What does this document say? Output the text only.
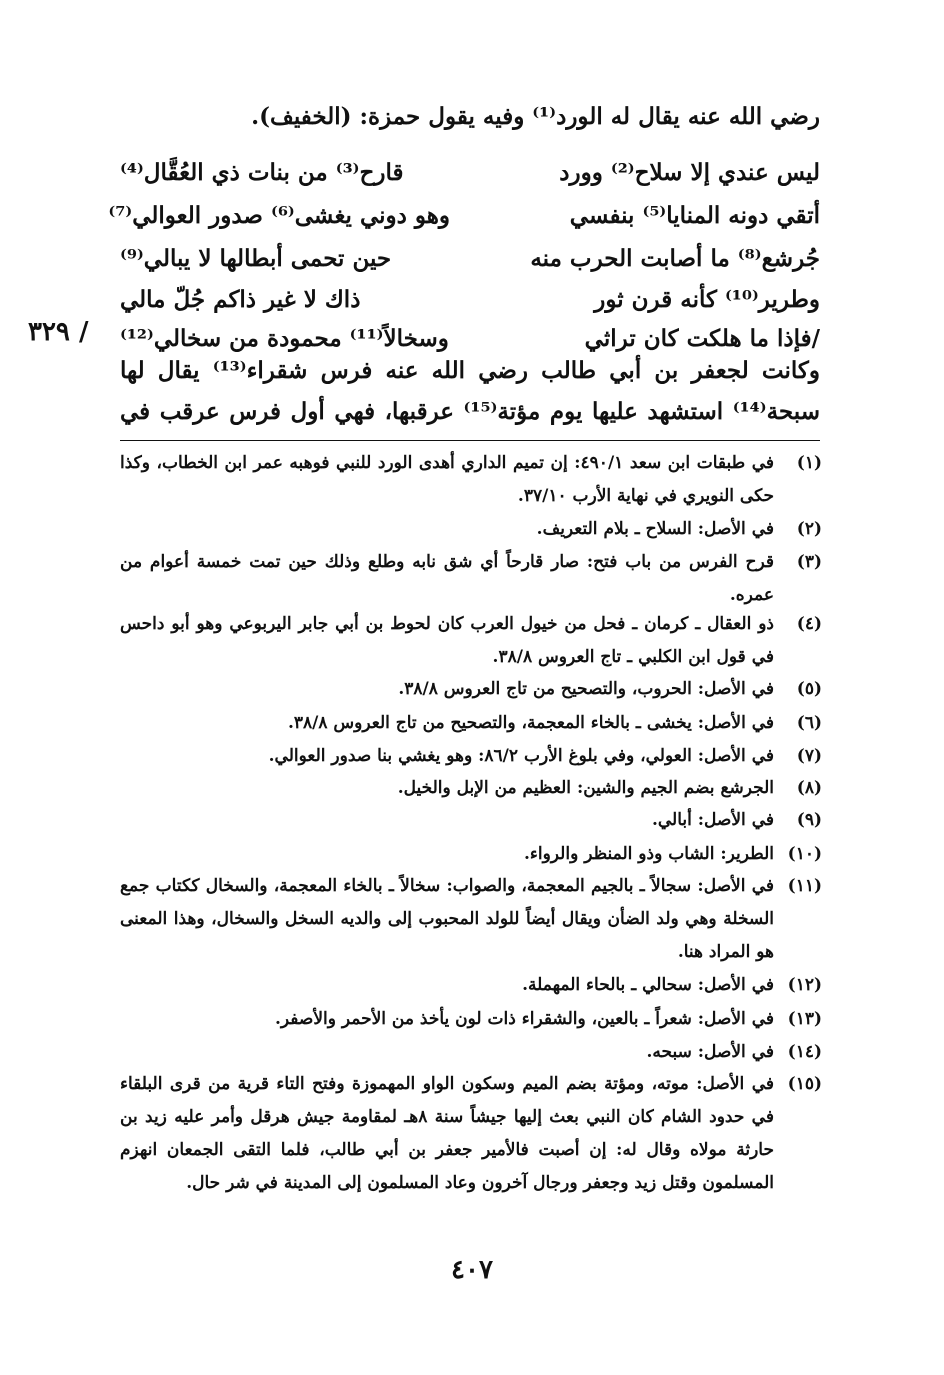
رضي الله عنه يقال له الورد⁽¹⁾ وفيه يقول حمزة: (الخفيف).
ليس عندي إلا سلاح⁽²⁾ وورد
قارح⁽³⁾ من بنات ذي العُقَّال⁽⁴⁾
أتقي دونه المنايا⁽⁵⁾ بنفسي
وهو دوني يغشى⁽⁶⁾ صدور العوالي⁽⁷⁾
جُرشع⁽⁸⁾ ما أصابت الحرب منه
حين تحمى أبطالها لا يبالي⁽⁹⁾
وطرير⁽¹⁰⁾ كأنه قرن ثور
ذاك لا غير ذاكم جُلّ مالي
/فإذا ما هلكت كان تراثي
وسخالاً⁽¹¹⁾ محمودة من سخالي⁽¹²⁾
٣٢٩ /
وكانت لجعفر بن أبي طالب رضي الله عنه فرس شقراء⁽¹³⁾ يقال لها
سبحة⁽¹⁴⁾ استشهد عليها يوم مؤتة⁽¹⁵⁾ عرقبها، فهي أول فرس عرقب في
(١)
في طبقات ابن سعد ٤٩٠/١: إن تميم الداري أهدى الورد للنبي فوهبه عمر ابن الخطاب، وكذا حكى النويري في نهاية الأرب ٣٧/١٠.
(٢)
في الأصل: السلاح ـ بلام التعريف.
(٣)
قرح الفرس من باب فتح: صار قارحاً أي شق نابه وطلع وذلك حين تمت خمسة أعوام من عمره.
(٤)
ذو العقال ـ كرمان ـ فحل من خيول العرب كان لحوط بن أبي جابر اليربوعي وهو أبو داحس في قول ابن الكلبي ـ تاج العروس ٣٨/٨.
(٥)
في الأصل: الحروب، والتصحيح من تاج العروس ٣٨/٨.
(٦)
في الأصل: يخشى ـ بالخاء المعجمة، والتصحيح من تاج العروس ٣٨/٨.
(٧)
في الأصل: العولي، وفي بلوغ الأرب ٨٦/٢: وهو يغشي بنا صدور العوالي.
(٨)
الجرشع بضم الجيم والشين: العظيم من الإبل والخيل.
(٩)
في الأصل: أبالي.
(١٠)
الطرير: الشاب وذو المنظر والرواء.
(١١)
في الأصل: سجالاً ـ بالجيم المعجمة، والصواب: سخالاً ـ بالخاء المعجمة، والسخال ككتاب جمع السخلة وهي ولد الضأن ويقال أيضاً للولد المحبوب إلى والديه السخل والسخال، وهذا المعنى هو المراد هنا.
(١٢)
في الأصل: سحالي ـ بالحاء المهملة.
(١٣)
في الأصل: شعراً ـ بالعين، والشقراء ذات لون يأخذ من الأحمر والأصفر.
(١٤)
في الأصل: سبحه.
(١٥)
في الأصل: موته، ومؤتة بضم الميم وسكون الواو المهموزة وفتح التاء قرية من قرى البلقاء في حدود الشام كان النبي بعث إليها جيشاً سنة ٨هـ لمقاومة جيش هرقل وأمر عليه زيد بن حارثة مولاه وقال له: إن أصبت فالأمير جعفر بن أبي طالب، فلما التقى الجمعان انهزم المسلمون وقتل زيد وجعفر ورجال آخرون وعاد المسلمون إلى المدينة في شر حال.
٤٠٧
